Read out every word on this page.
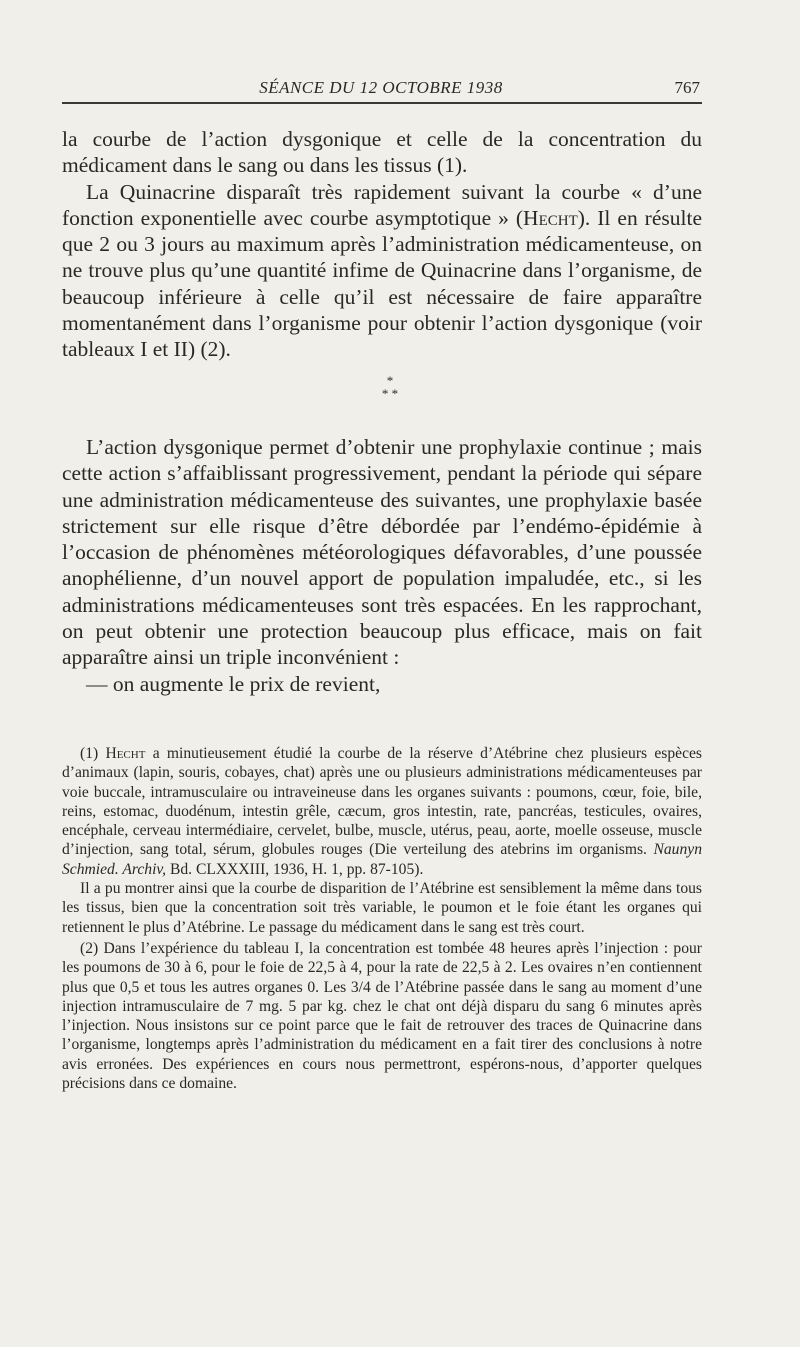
SÉANCE DU 12 OCTOBRE 1938	767

la courbe de l’action dysgonique et celle de la concentration du médicament dans le sang ou dans les tissus (1).

La Quinacrine disparaît très rapidement suivant la courbe « d’une fonction exponentielle avec courbe asymptotique » (Hecht). Il en résulte que 2 ou 3 jours au maximum après l’administration médicamenteuse, on ne trouve plus qu’une quantité infime de Quinacrine dans l’organisme, de beaucoup inférieure à celle qu’il est nécessaire de faire apparaître momentanément dans l’organisme pour obtenir l’action dysgonique (voir tableaux I et II) (2).

*
* *

L’action dysgonique permet d’obtenir une prophylaxie continue ; mais cette action s’affaiblissant progressivement, pendant la période qui sépare une administration médicamenteuse des suivantes, une prophylaxie basée strictement sur elle risque d’être débordée par l’endémo-épidémie à l’occasion de phénomènes météorologiques défavorables, d’une poussée anophélienne, d’un nouvel apport de population impaludée, etc., si les administrations médicamenteuses sont très espacées. En les rapprochant, on peut obtenir une protection beaucoup plus efficace, mais on fait apparaître ainsi un triple inconvénient :

— on augmente le prix de revient,

(1) Hecht a minutieusement étudié la courbe de la réserve d’Atébrine chez plusieurs espèces d’animaux (lapin, souris, cobayes, chat) après une ou plusieurs administrations médicamenteuses par voie buccale, intramusculaire ou intraveineuse dans les organes suivants : poumons, cœur, foie, bile, reins, estomac, duodénum, intestin grêle, cæcum, gros intestin, rate, pancréas, testicules, ovaires, encéphale, cerveau intermédiaire, cervelet, bulbe, muscle, utérus, peau, aorte, moelle osseuse, muscle d’injection, sang total, sérum, globules rouges (Die verteilung des atebrins im organisms. Naunyn Schmied. Archiv, Bd. CLXXXIII, 1936, H. 1, pp. 87-105).

Il a pu montrer ainsi que la courbe de disparition de l’Atébrine est sensiblement la même dans tous les tissus, bien que la concentration soit très variable, le poumon et le foie étant les organes qui retiennent le plus d’Atébrine. Le passage du médicament dans le sang est très court.

(2) Dans l’expérience du tableau I, la concentration est tombée 48 heures après l’injection : pour les poumons de 30 à 6, pour le foie de 22,5 à 4, pour la rate de 22,5 à 2. Les ovaires n’en contiennent plus que 0,5 et tous les autres organes 0. Les 3/4 de l’Atébrine passée dans le sang au moment d’une injection intramusculaire de 7 mg. 5 par kg. chez le chat ont déjà disparu du sang 6 minutes après l’injection. Nous insistons sur ce point parce que le fait de retrouver des traces de Quinacrine dans l’organisme, longtemps après l’administration du médicament en a fait tirer des conclusions à notre avis erronées. Des expériences en cours nous permettront, espérons-nous, d’apporter quelques précisions dans ce domaine.
